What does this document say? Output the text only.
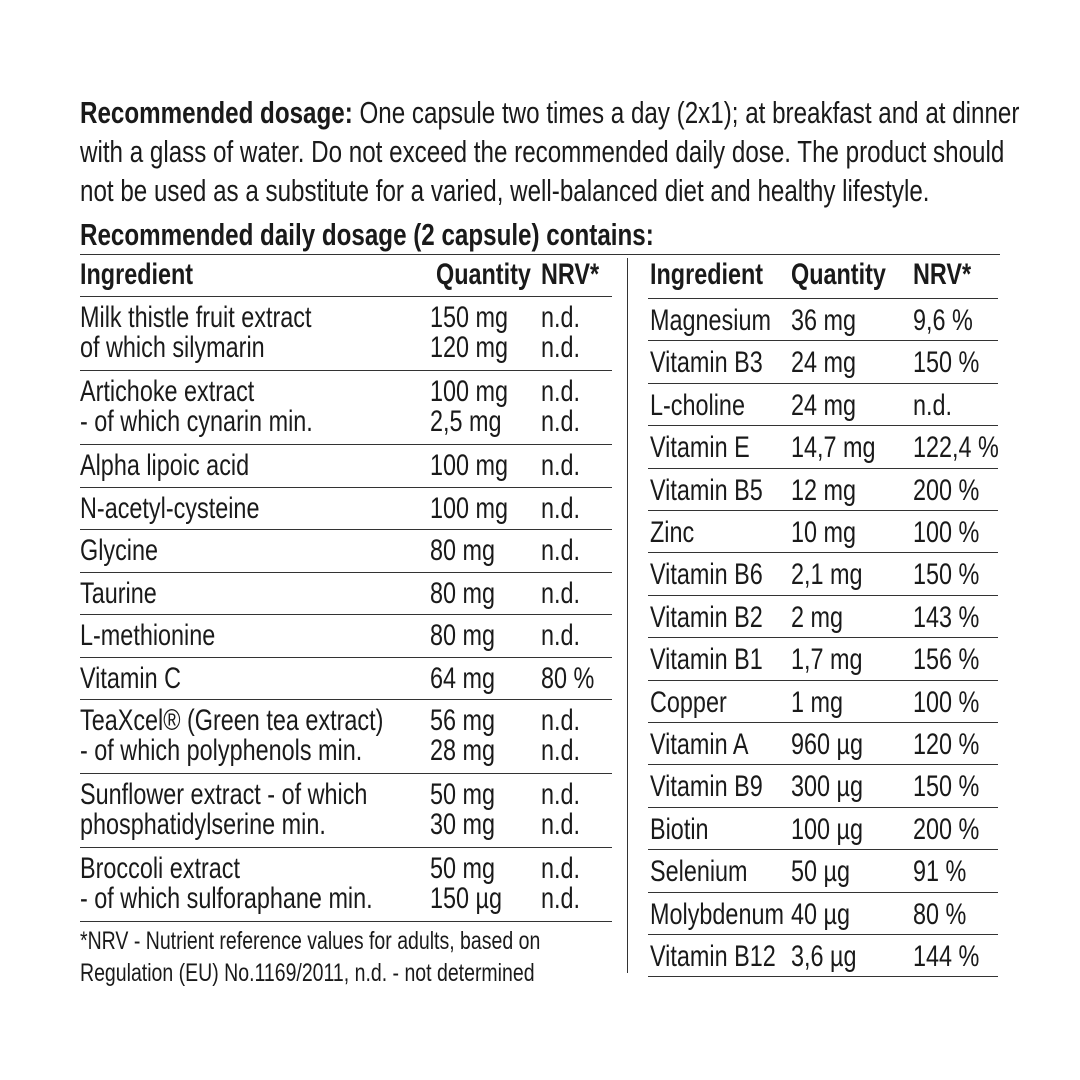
Recommended dosage: One capsule two times a day (2x1); at breakfast and at dinner
with a glass of water. Do not exceed the recommended daily dose. The product should
not be used as a substitute for a varied, well-balanced diet and healthy lifestyle.
Recommended daily dosage (2 capsule) contains:
Ingredient	Quantity NRV*
Milk thistle fruit extract	150 mg n.d.
of which silymarin	120 mg n.d.
Artichoke extract	100 mg n.d.
- of which cynarin min.	2,5 mg n.d.
Alpha lipoic acid	100 mg n.d.
N-acetyl-cysteine	100 mg n.d.
Glycine	80 mg n.d.
Taurine	80 mg n.d.
L-methionine	80 mg n.d.
Vitamin C	64 mg 80 %
TeaXcel® (Green tea extract) 56 mg n.d.
- of which polyphenols min. 28 mg n.d.
Sunflower extract - of which 50 mg n.d.
phosphatidylserine min.	30 mg n.d.
Broccoli extract	50 mg n.d.
- of which sulforaphane min. 150 µg n.d.
Ingredient Quantity NRV*
Magnesium 36 mg 9,6 %
Vitamin B3 24 mg 150 %
L-choline 24 mg n.d.
Vitamin E 14,7 mg 122,4 %
Vitamin B5 12 mg 200 %
Zinc	10 mg 100 %
Vitamin B6 2,1 mg 150 %
Vitamin B2 2 mg 143 %
Vitamin B1 1,7 mg 156 %
Copper 1 mg 100 %
Vitamin A 960 µg 120 %
Vitamin B9 300 µg 150 %
Biotin	100 µg 200 %
Selenium 50 µg 91 %
Molybdenum 40 µg 80 %
Vitamin B12 3,6 µg 144 %
*NRV - Nutrient reference values for adults, based on
Regulation (EU) No.1169/2011, n.d. - not determined
